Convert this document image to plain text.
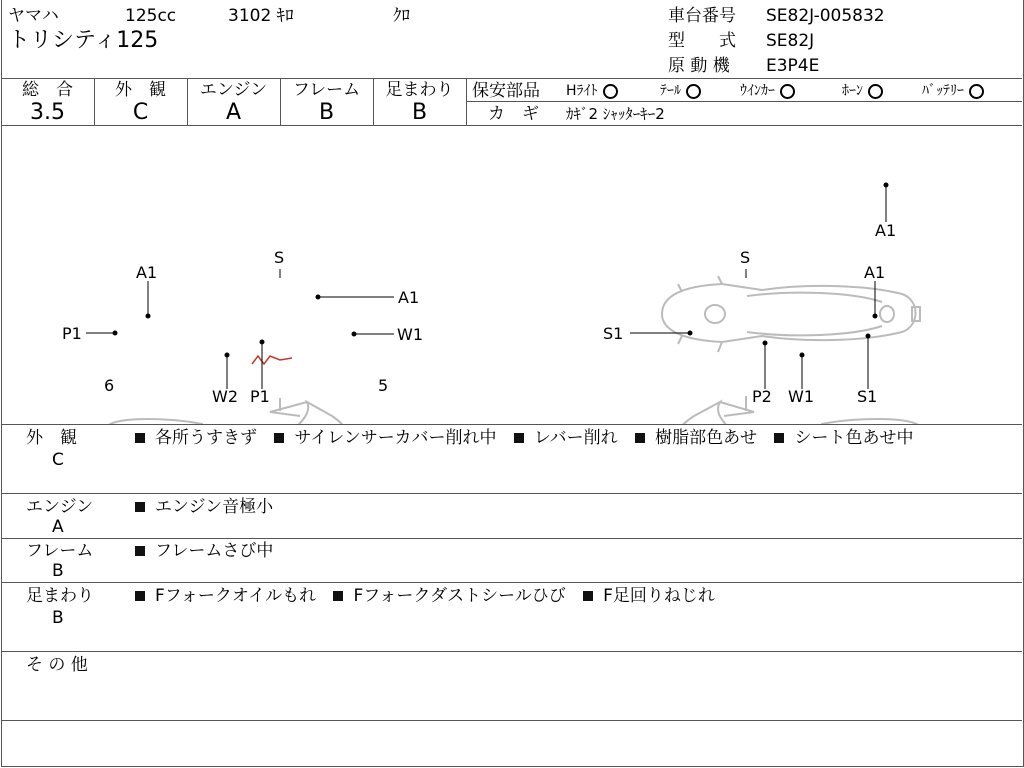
ヤマハ	125cc	3102 ｷﾛ	ｸﾛ
トリシティ125
車台番号 SE82J-005832
型　　式 SE82J
原 動 機 E3P4E
総　合
3.5
外　観
C
エンジン
A
フレーム
B
足まわり
B
保安部品 Hﾗｲﾄ	ﾃｰﾙ	ｳｲﾝｶｰ	ﾎｰﾝ	ﾊﾞｯﾃﾘｰ
カ　ギ ｶｷﾞ2 ｼｬｯﾀｰｷｰ2
A1
S
A1
A1
P1	W1
6
W2 P1
5
S
A1
S1
P2 W1	S1
外　観
C
各所うすきず サイレンサーカバー削れ中 レバー削れ 樹脂部色あせ シート色あせ中
エンジン
A
エンジン音極小
フレーム
B
フレームさび中
足まわり
B
Fフォークオイルもれ Fフォークダストシールひび F足回りねじれ
そ の 他
